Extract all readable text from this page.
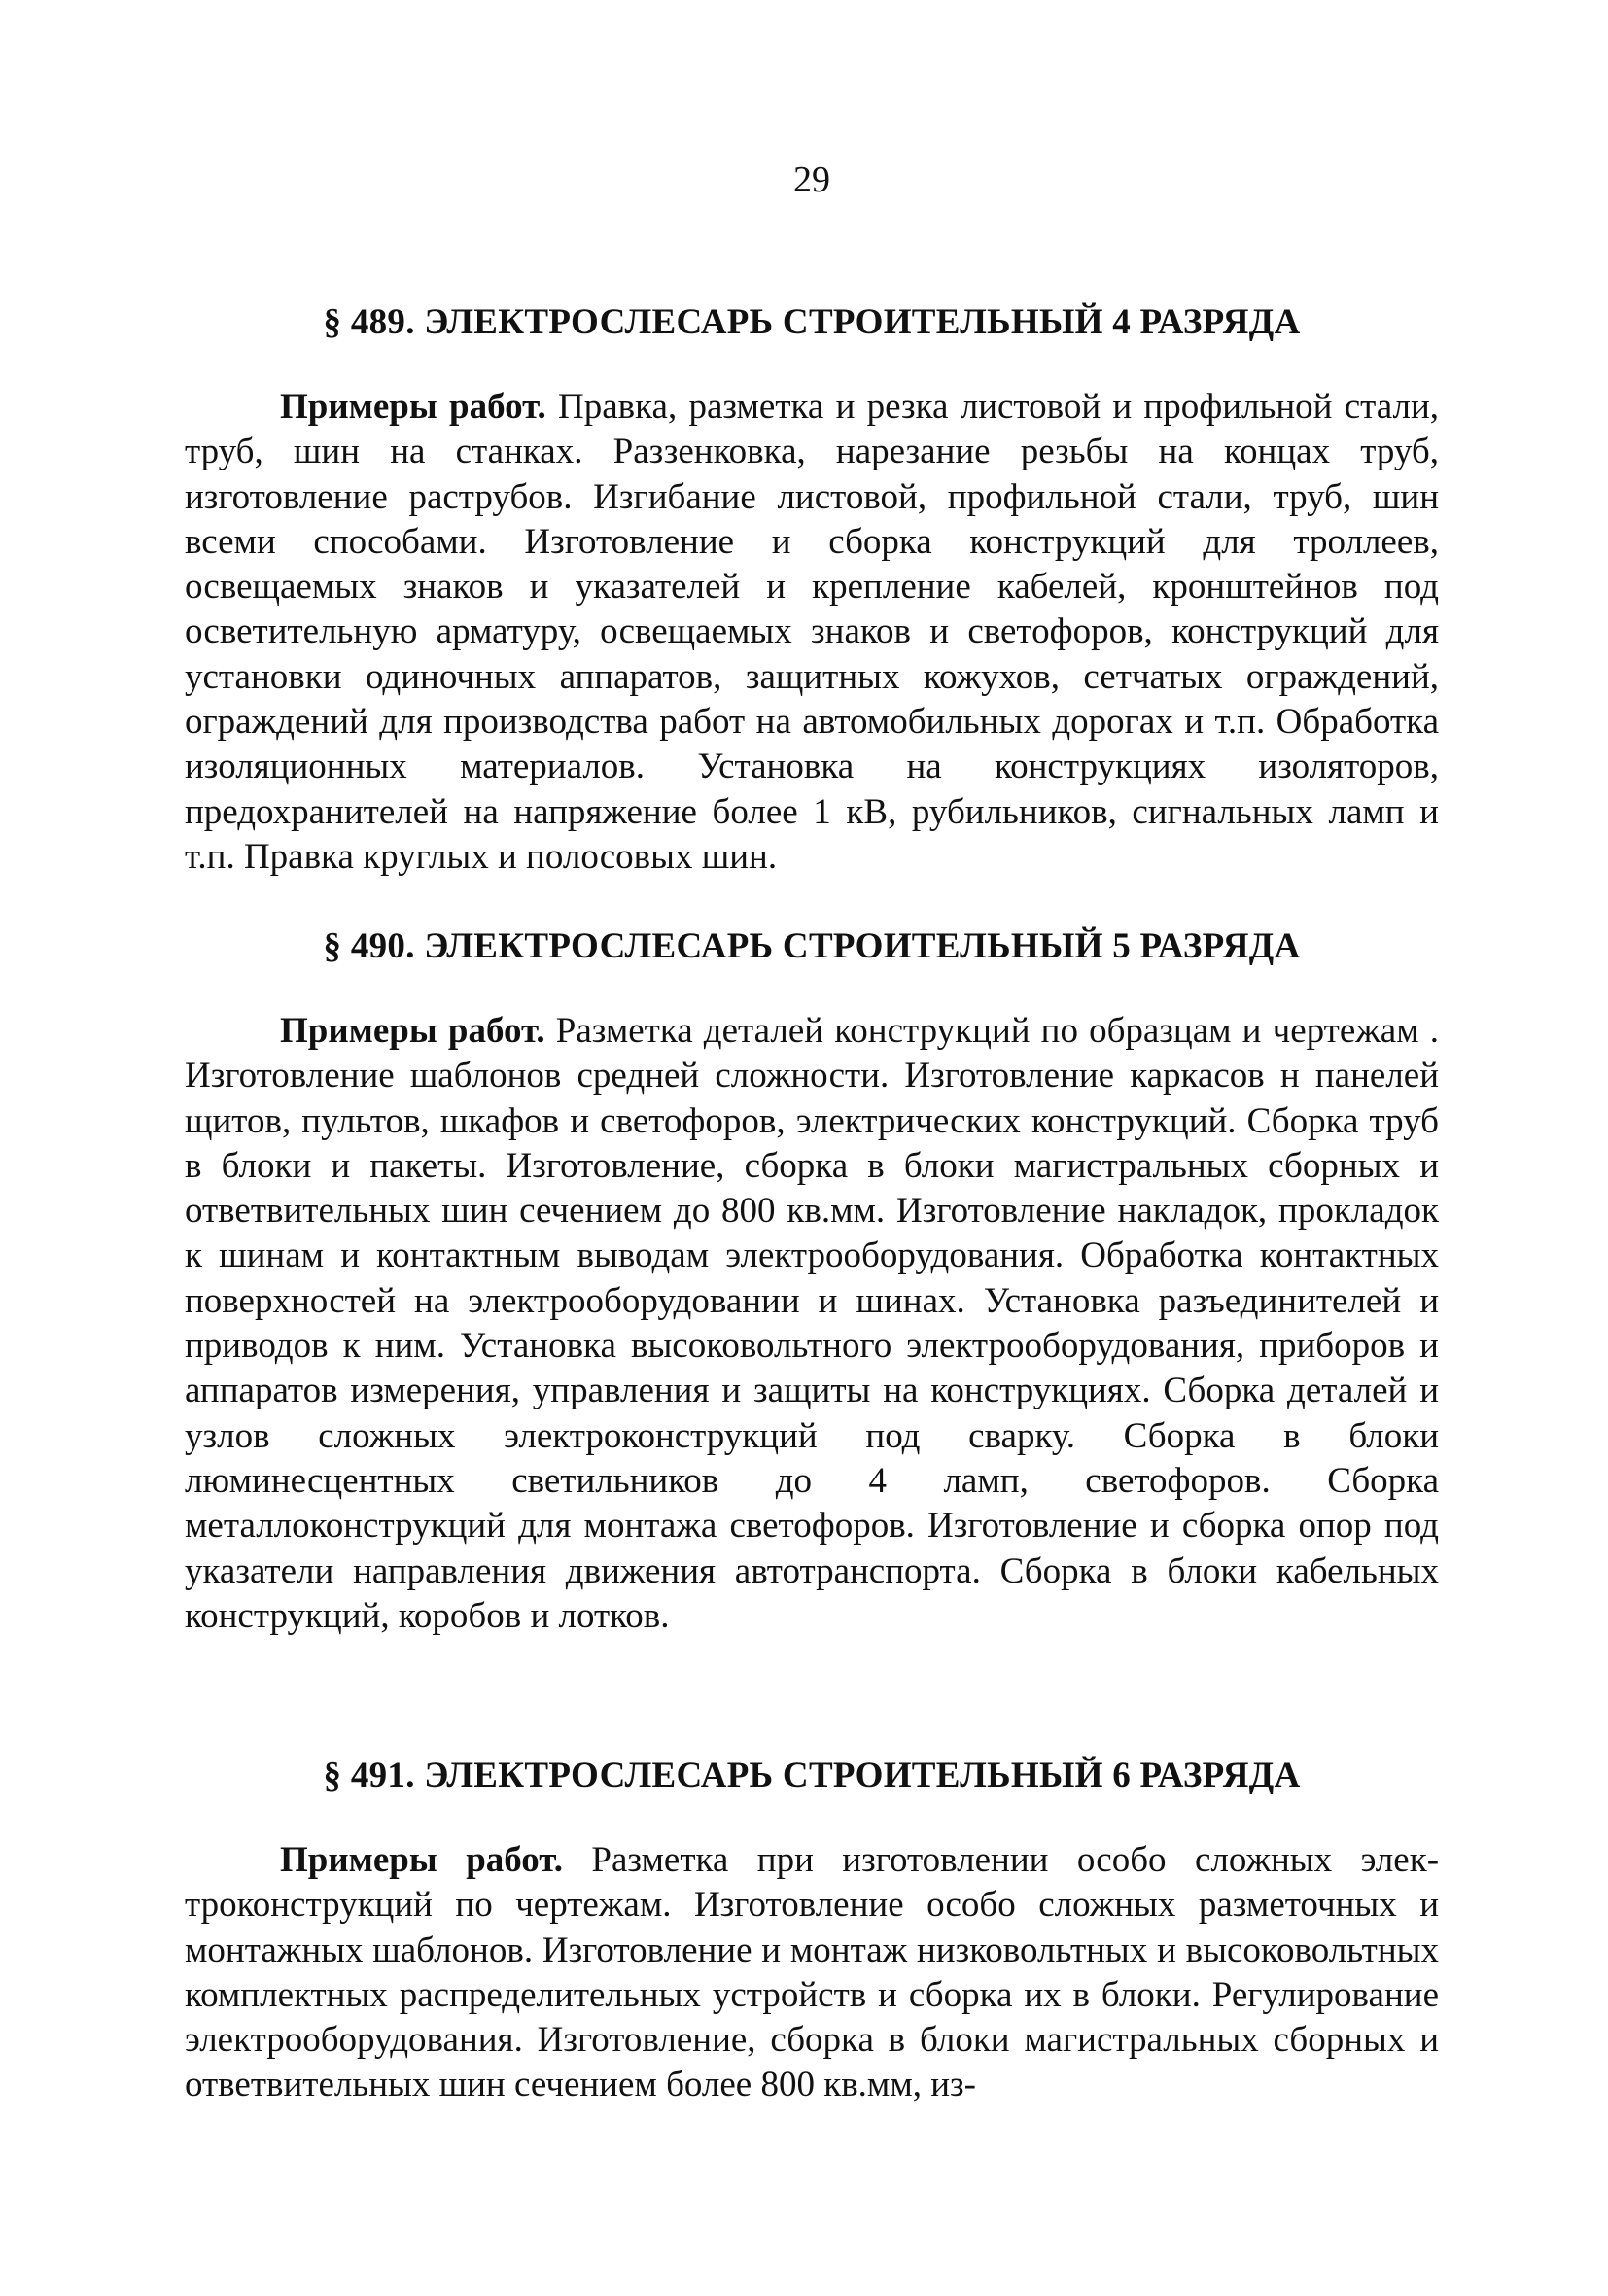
29
§ 489. ЭЛЕКТРОСЛЕСАРЬ СТРОИТЕЛЬНЫЙ 4 РАЗРЯДА

Примеры работ. Правка, разметка и резка листовой и профильной стали, труб, шин на станках. Раззенковка, нарезание резьбы на концах труб, изготовление раструбов. Изгибание листовой, профильной стали, труб, шин всеми способами. Изготовление и сборка конструкций для троллеев, освещаемых знаков и указателей и крепление кабелей, кронштейнов под осветительную арматуру, освещаемых знаков и светофоров, конструкций для установки одиночных аппаратов, защитных кожухов, сетчатых ограждений, ограждений для производства работ на автомобильных дорогах и т.п. Обработка изоляционных материалов. Установка на конструкциях изоляторов, предохранителей на напряжение более 1 кВ, рубильников, сигнальных ламп и т.п. Правка круглых и полосовых шин.

§ 490. ЭЛЕКТРОСЛЕСАРЬ СТРОИТЕЛЬНЫЙ 5 РАЗРЯДА

Примеры работ. Разметка деталей конструкций по образцам и чертежам . Изготовление шаблонов средней сложности. Изготовление каркасов н панелей щитов, пультов, шкафов и светофоров, электрических конструкций. Сборка труб в блоки и пакеты. Изготовление, сборка в блоки магистральных сборных и ответвительных шин сечением до 800 кв.мм. Изготовление накладок, прокладок к шинам и контактным выводам электрооборудования. Обработка контактных поверхностей на электрооборудовании и шинах. Установка разъединителей и приводов к ним. Установка высоковольтного электрооборудования, приборов и аппаратов измерения, управления и защиты на конструкциях. Сборка деталей и узлов сложных электроконструкций под сварку. Сборка в блоки люминесцентных светильников до 4 ламп, светофоров. Сборка металлоконструкций для монтажа светофоров. Изготовление и сборка опор под указатели направления движения автотранспорта. Сборка в блоки кабельных конструкций, коробов и лотков.

§ 491. ЭЛЕКТРОСЛЕСАРЬ СТРОИТЕЛЬНЫЙ 6 РАЗРЯДА

Примеры работ. Разметка при изготовлении особо сложных электроконструкций по чертежам. Изготовление особо сложных разметочных и монтажных шаблонов. Изготовление и монтаж низковольтных и высоковольтных комплектных распределительных устройств и сборка их в блоки. Регулирование электрооборудования. Изготовление, сборка в блоки магистральных сборных и ответвительных шин сечением более 800 кв.мм, из-
